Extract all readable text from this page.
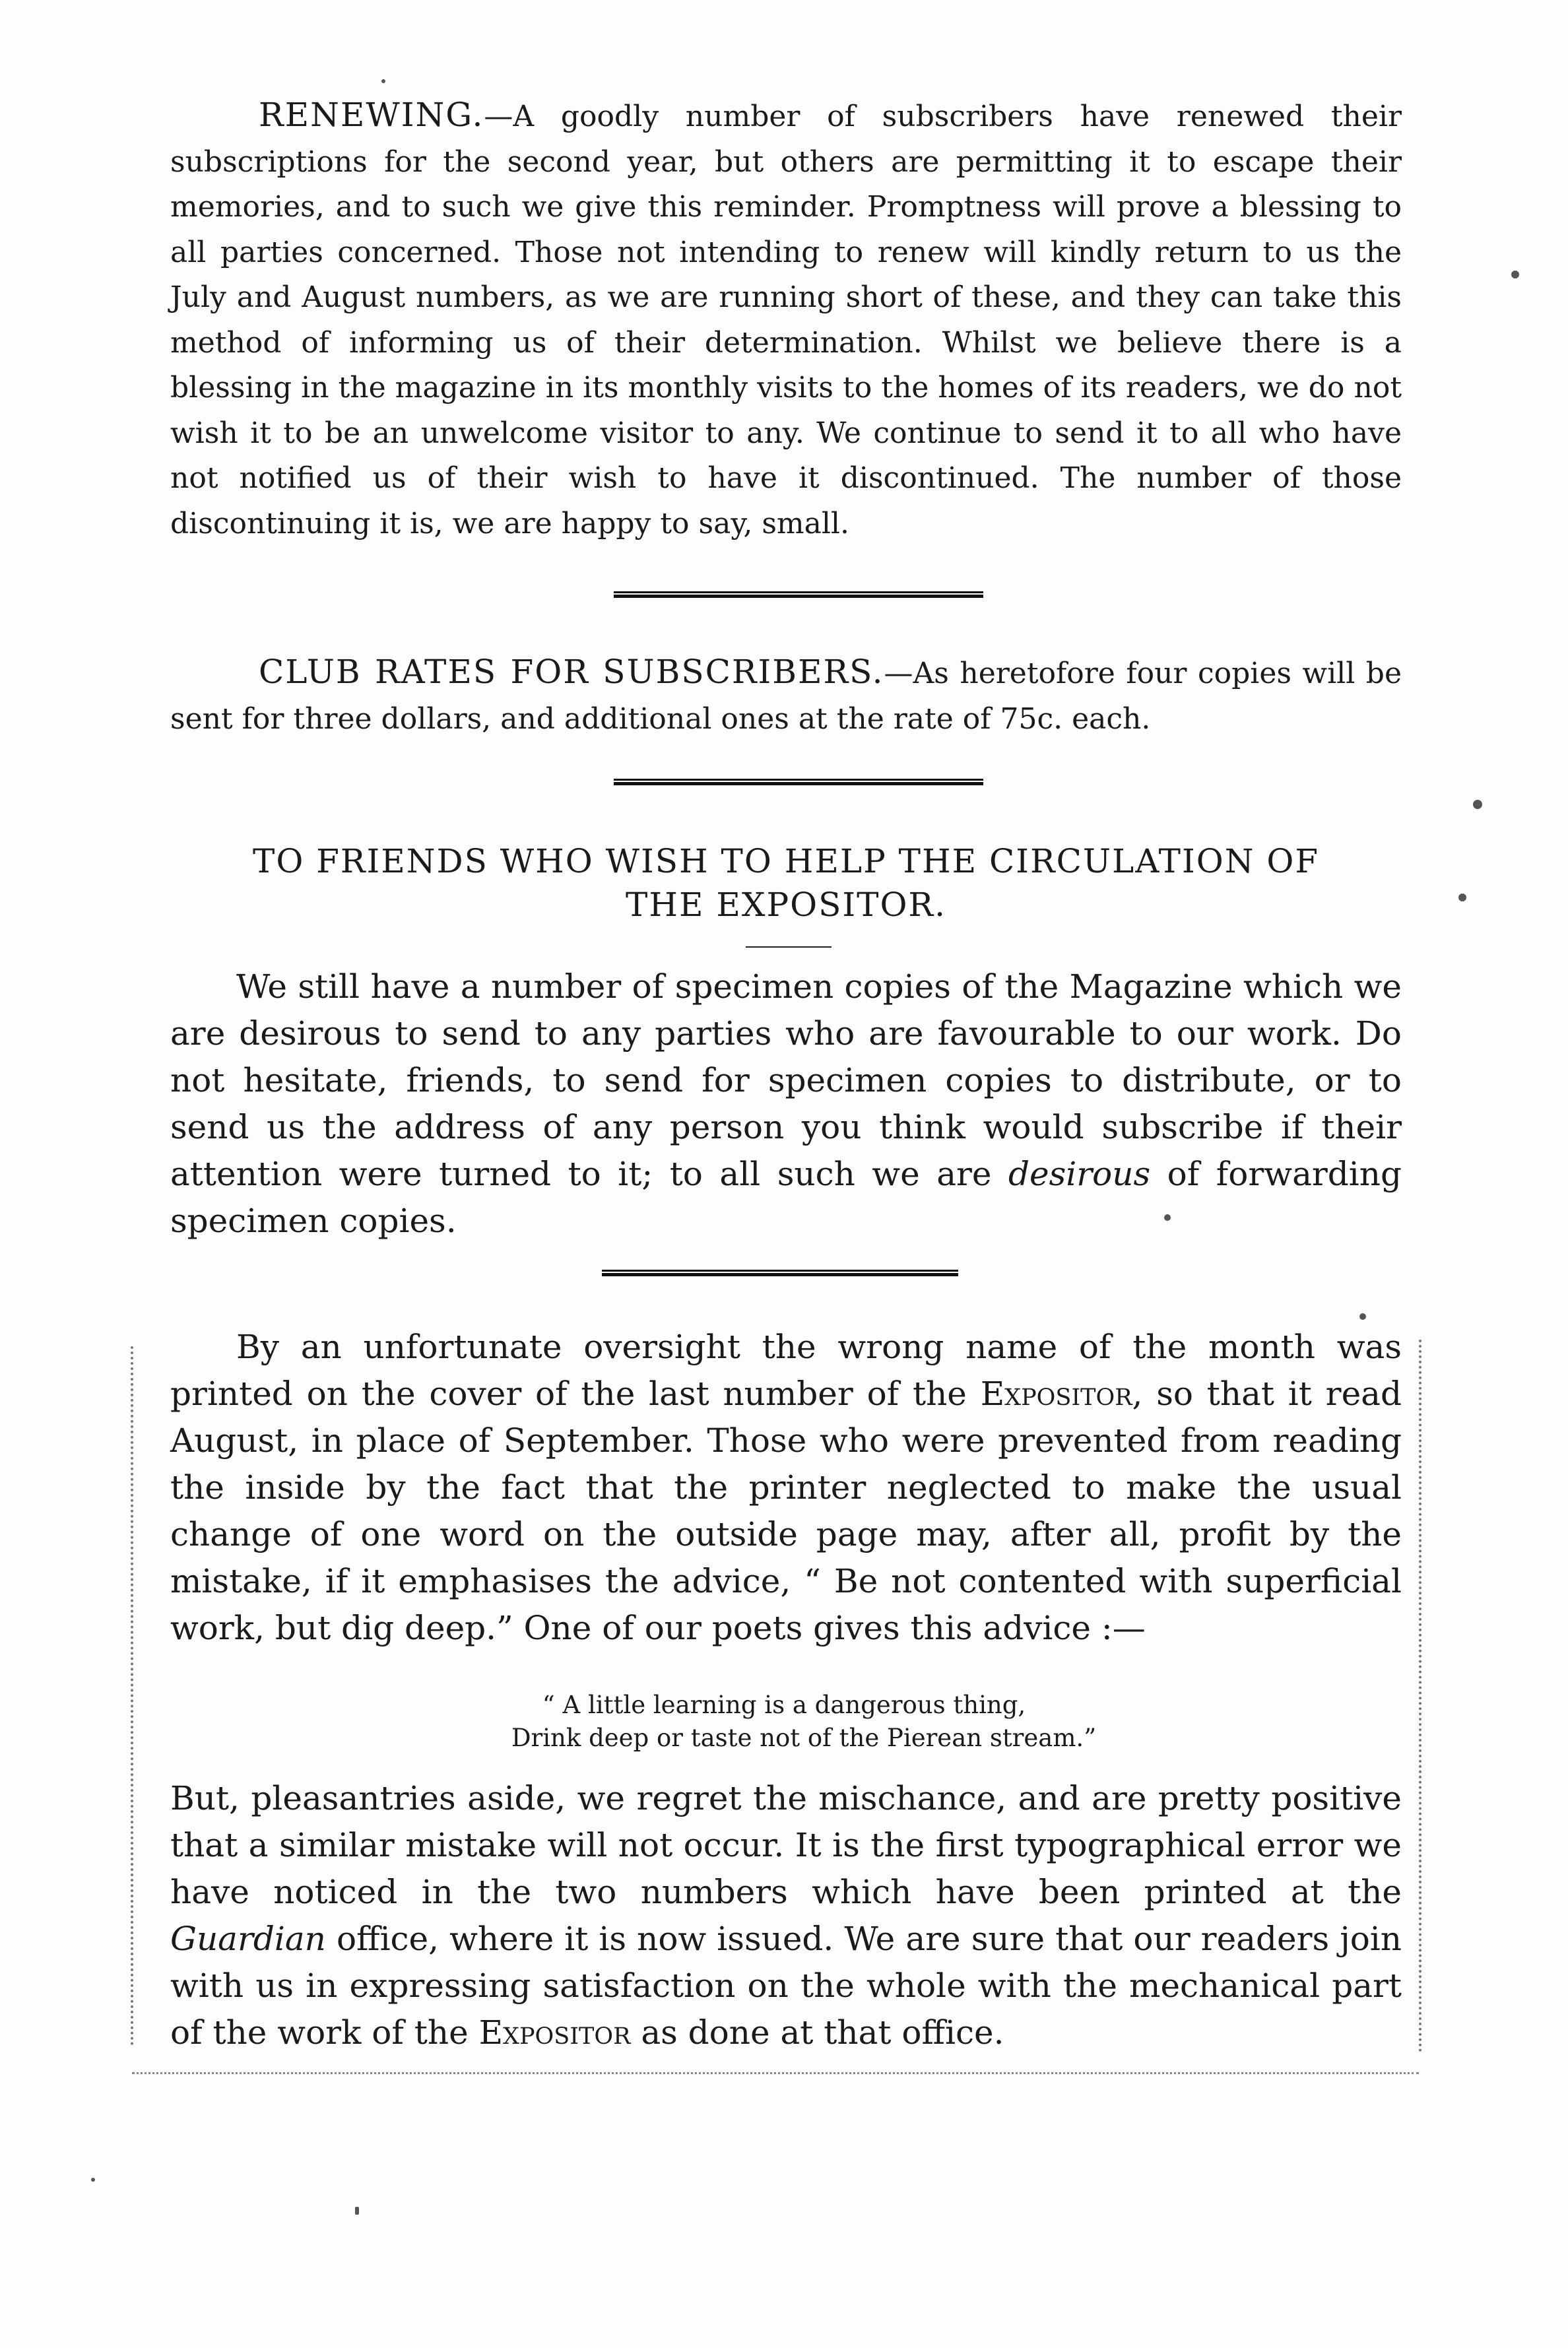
RENEWING.—A goodly number of subscribers have renewed their subscriptions for the second year, but others are permitting it to escape their memories, and to such we give this reminder. Promptness will prove a blessing to all parties concerned. Those not intending to renew will kindly return to us the July and August numbers, as we are running short of these, and they can take this method of informing us of their determination. Whilst we believe there is a blessing in the magazine in its monthly visits to the homes of its readers, we do not wish it to be an unwelcome visitor to any. We continue to send it to all who have not notified us of their wish to have it discontinued. The number of those discontinuing it is, we are happy to say, small.

CLUB RATES FOR SUBSCRIBERS.—As heretofore four copies will be sent for three dollars, and additional ones at the rate of 75c. each.

TO FRIENDS WHO WISH TO HELP THE CIRCULATION OF

THE EXPOSITOR.

We still have a number of specimen copies of the Magazine which we are desirous to send to any parties who are favourable to our work. Do not hesitate, friends, to send for specimen copies to distribute, or to send us the address of any person you think would subscribe if their attention were turned to it; to all such we are desirous of forwarding specimen copies.

By an unfortunate oversight the wrong name of the month was printed on the cover of the last number of the Expositor, so that it read August, in place of September. Those who were prevented from reading the inside by the fact that the printer neglected to make the usual change of one word on the outside page may, after all, profit by the mistake, if it emphasises the advice, “ Be not contented with superficial work, but dig deep.” One of our poets gives this advice :—

“ A little learning is a dangerous thing,

Drink deep or taste not of the Pierean stream.”

But, pleasantries aside, we regret the mischance, and are pretty positive that a similar mistake will not occur. It is the first typographical error we have noticed in the two numbers which have been printed at the Guardian office, where it is now issued. We are sure that our readers join with us in expressing satisfaction on the whole with the mechanical part of the work of the Expositor as done at that office.
